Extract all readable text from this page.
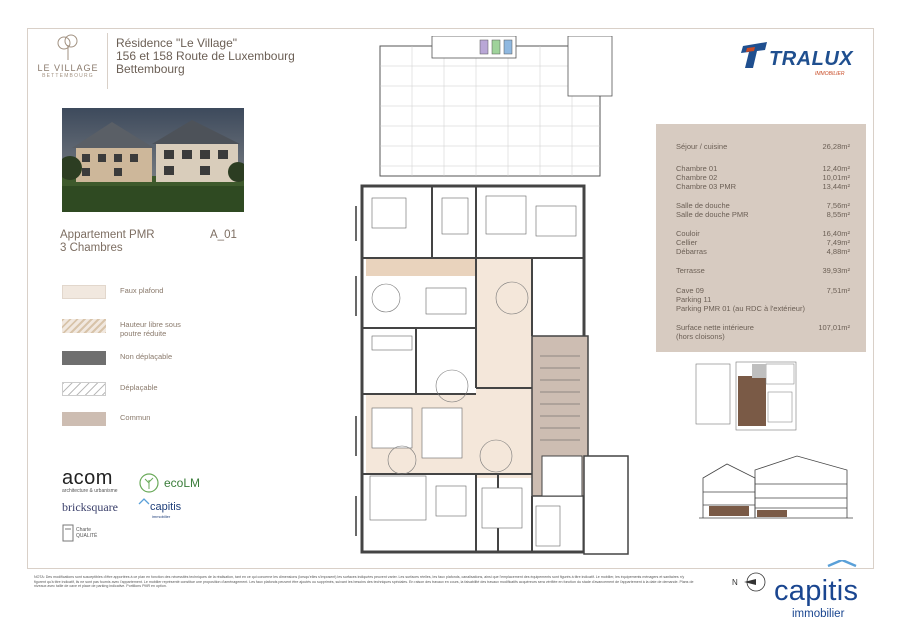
LE VILLAGE
BETTEMBOURG
Résidence "Le Village"
156 et 158 Route de Luxembourg
Bettembourg
Appartement PMR
3 Chambres
A_01
Faux plafond
Hauteur libre sous poutre réduite
Non déplaçable
Déplaçable
Commun
acom
architecture & urbanisme
ecoLM
bricksquare	capitis
immobilier
Charte
QUALITÉ
TRALUX
IMMOBILIER
Séjour / cuisine	26,28m²
Chambre 01	12,40m²
Chambre 02	10,01m²
Chambre 03 PMR	13,44m²
Salle de douche	7,56m²
Salle de douche PMR	8,55m²
Couloir	16,40m²
Cellier	7,49m²
Débarras	4,88m²
Terrasse	39,93m²
Cave 09	7,51m²
Parking 11
Parking PMR 01 (au RDC à l'extérieur)
Surface nette intérieure	107,01m²
(hors cloisons)
NOTA: Des modifications sont susceptibles d'être apportées à ce plan en fonction des nécessités techniques de la réalisation, tant en ce qui concerne les dimensions (lorsqu'elles s'imposent) les surfaces indiquées peuvent varier. Les surfaces réelles, les faux plafonds, canalisations, ainsi que l'emplacement des équipements sont figurés à titre indicatif. Le mobilier, les équipements ménagers et sanitaires n'y figurent qu'à titre indicatif, ils ne sont pas fournis avec l'appartement. Le mobilier représenté constitue une proposition d'aménagement. Les faux plafonds peuvent être ajoutés ou supprimés, suivant les besoins des techniques spéciales. En raison des travaux en cours, la faisabilité des travaux modificatifs acquéreurs sera vérifiée en fonction du stade d'avancement de l'appartement à la date de demande. Plans de niveaux avec taille de cave et place de parking indicative. Portillons PMR en option.	N capitis
immobilier
